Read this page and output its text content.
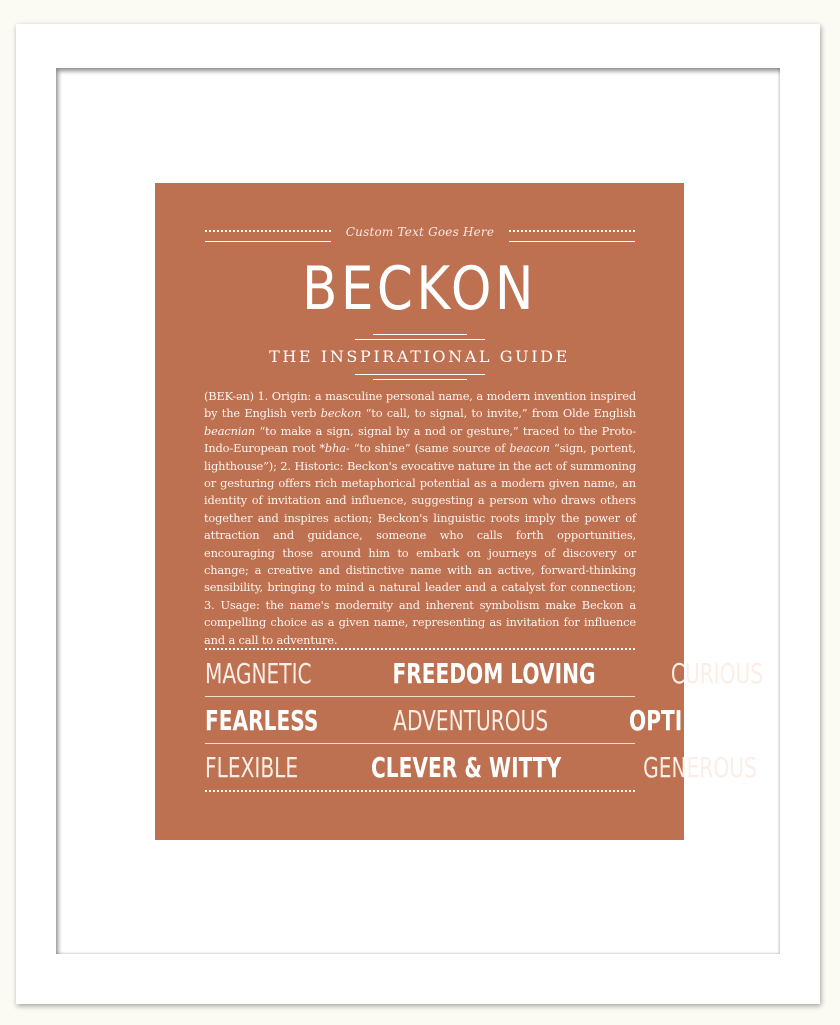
Custom Text Goes Here
BECKON
THE INSPIRATIONAL GUIDE
(BEK-ən) 1. Origin: a masculine personal name, a modern invention inspired by the English verb beckon “to call, to signal, to invite,” from Olde English beacnian “to make a sign, signal by a nod or gesture,” traced to the Proto-Indo-European root *bha- “to shine” (same source of beacon “sign, portent, lighthouse”); 2. Historic: Beckon's evocative nature in the act of summoning or gesturing offers rich metaphorical potential as a modern given name, an identity of invitation and influence, suggesting a person who draws others together and inspires action; Beckon's linguistic roots imply the power of attraction and guidance, someone who calls forth opportunities, encouraging those around him to embark on journeys of discovery or change; a creative and distinctive name with an active, forward-thinking sensibility, bringing to mind a natural leader and a catalyst for connection; 3. Usage: the name's modernity and inherent symbolism make Beckon a compelling choice as a given name, representing as invitation for influence and a call to adventure.
MAGNETIC	FREEDOM LOVING	CURIOUS
FEARLESS	ADVENTUROUS	OPTIMISTIC
FLEXIBLE	CLEVER & WITTY	GENEROUS
